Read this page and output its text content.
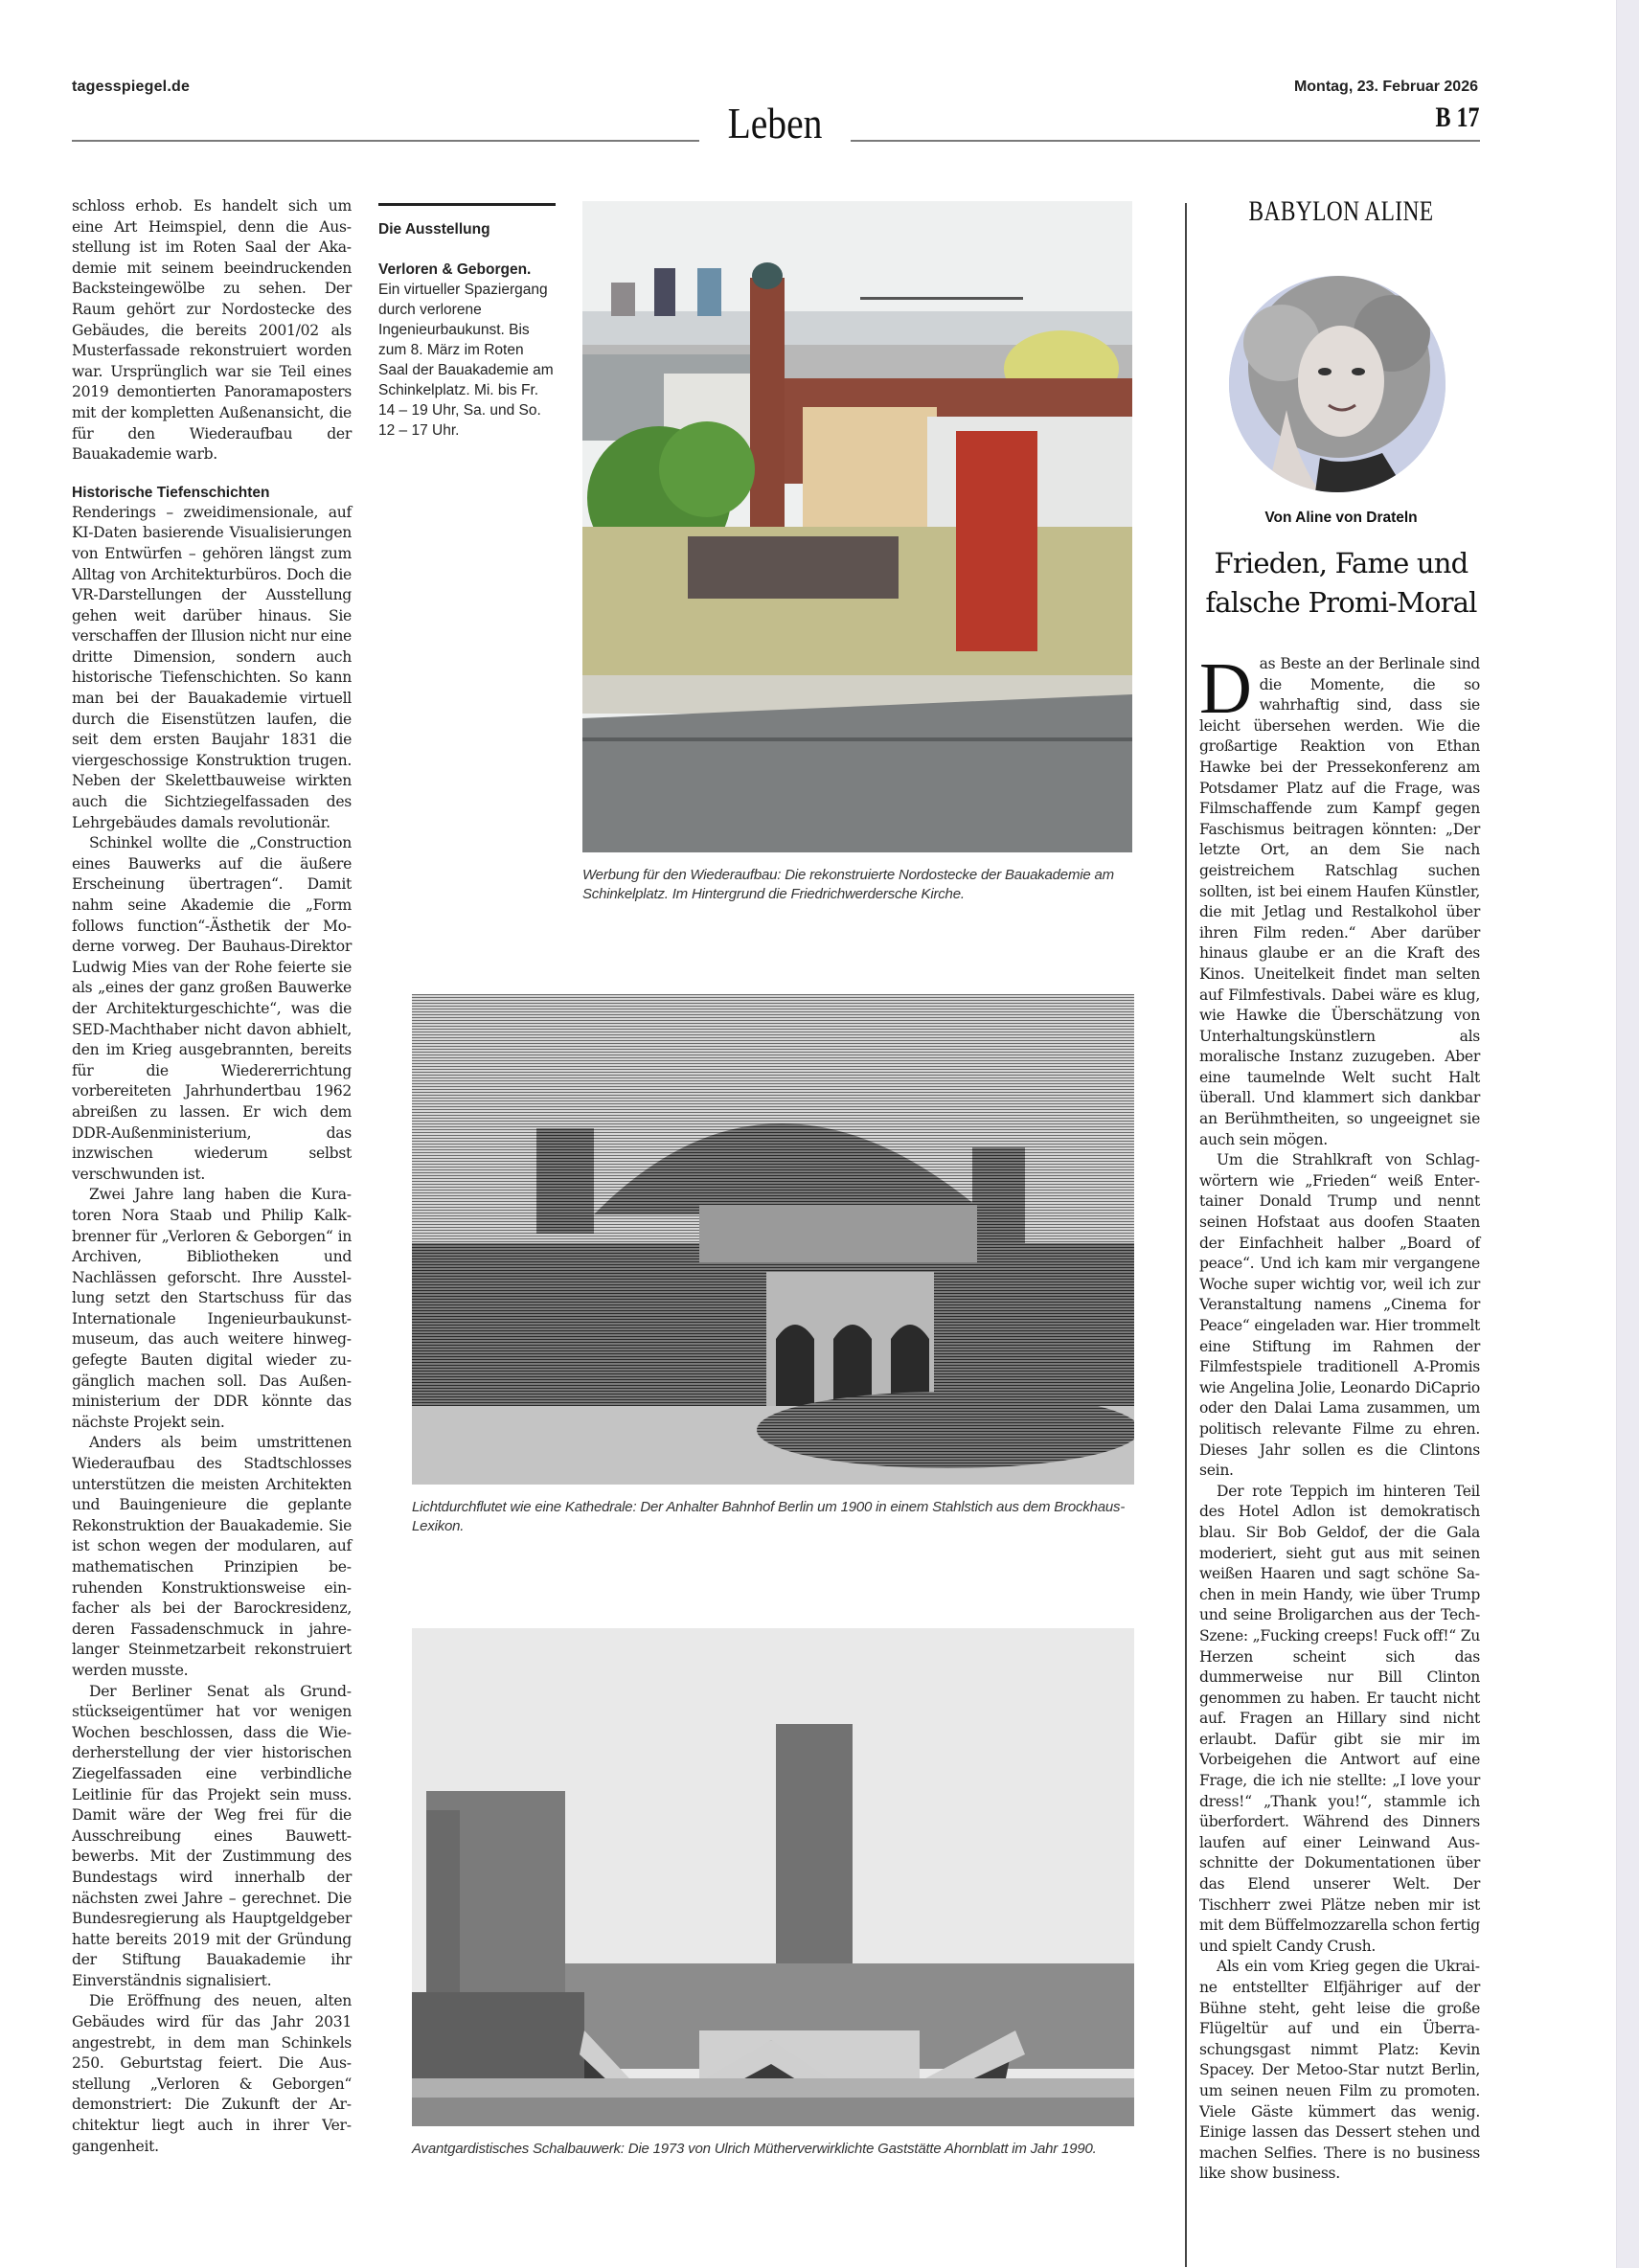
tagesspiegel.de	Montag, 23. Februar 2026
Leben	B 17

schloss erhob. Es handelt sich um eine Art Heimspiel, denn die Ausstellung ist im Roten Saal der Akademie mit seinem beeindruckenden Backsteingewölbe zu sehen. Der Raum gehört zur Nordostecke des Gebäudes, die bereits 2001/02 als Musterfassade rekonstruiert worden war. Ursprünglich war sie Teil eines 2019 demontierten Panoramaposters mit der kompletten Außenansicht, die für den Wiederaufbau der Bauakademie warb.

Historische Tiefenschichten

Renderings – zweidimensionale, auf KI-Daten basierende Visualisierungen von Entwürfen – gehören längst zum Alltag von Architekturbüros. Doch die VR-Darstellungen der Ausstellung gehen weit darüber hinaus. Sie verschaffen der Illusion nicht nur eine dritte Dimension, sondern auch historische Tiefenschichten. So kann man bei der Bauakademie virtuell durch die Eisenstützen laufen, die seit dem ersten Baujahr 1831 die viergeschossige Konstruktion trugen. Neben der Skelettbauweise wirkten auch die Sichtziegelfassaden des Lehrgebäudes damals revolutionär.

Schinkel wollte die „Construction eines Bauwerks auf die äußere Erscheinung übertragen“. Damit nahm seine Akademie die „Form follows function“-Ästhetik der Moderne vorweg. Der Bauhaus-Direktor Ludwig Mies van der Rohe feierte sie als „eines der ganz großen Bauwerke der Architekturgeschichte“, was die SED-Machthaber nicht davon abhielt, den im Krieg ausgebrannten, bereits für die Wiedererrichtung vorbereiteten Jahrhundertbau 1962 abreißen zu lassen. Er wich dem DDR-Außenministerium, das inzwischen wiederum selbst verschwunden ist.

Zwei Jahre lang haben die Kuratoren Nora Staab und Philip Kalkbrenner für „Verloren & Geborgen“ in Archiven, Bibliotheken und Nachlässen geforscht. Ihre Ausstellung setzt den Startschuss für das Internationale Ingenieurbaukunstmuseum, das auch weitere hinweggefegte Bauten digital wieder zugänglich machen soll. Das Außenministerium der DDR könnte das nächste Projekt sein.

Anders als beim umstrittenen Wiederaufbau des Stadtschlosses unterstützen die meisten Architekten und Bauingenieure die geplante Rekonstruktion der Bauakademie. Sie ist schon wegen der modularen, auf mathematischen Prinzipien beruhenden Konstruktionsweise einfacher als bei der Barockresidenz, deren Fassadenschmuck in jahrelanger Steinmetzarbeit rekonstruiert werden musste.

Der Berliner Senat als Grundstückseigentümer hat vor wenigen Wochen beschlossen, dass die Wiederherstellung der vier historischen Ziegelfassaden eine verbindliche Leitlinie für das Projekt sein muss. Damit wäre der Weg frei für die Ausschreibung eines Bauwettbewerbs. Mit der Zustimmung des Bundestags wird innerhalb der nächsten zwei Jahre – gerechnet. Die Bundesregierung als Hauptgeldgeber hatte bereits 2019 mit der Gründung der Stiftung Bauakademie ihr Einverständnis signalisiert.

Die Eröffnung des neuen, alten Gebäudes wird für das Jahr 2031 angestrebt, in dem man Schinkels 250. Geburtstag feiert. Die Ausstellung „Verloren & Geborgen“ demonstriert: Die Zukunft der Architektur liegt auch in ihrer Vergangenheit.

Die Ausstellung
Verloren & Geborgen. Ein virtueller Spaziergang durch verlorene Ingenieurbaukunst. Bis zum 8. März im Roten Saal der Bauakademie am Schinkelplatz. Mi. bis Fr. 14 – 19 Uhr, Sa. und So. 12 – 17 Uhr.
Werbung für den Wiederaufbau: Die rekonstruierte Nordostecke der Bauakademie am Schinkelplatz. Im Hintergrund die Friedrichwerdersche Kirche.
Lichtdurchflutet wie eine Kathedrale: Der Anhalter Bahnhof Berlin um 1900 in einem Stahlstich aus dem Brockhaus-Lexikon.
Avantgardistisches Schalbauwerk: Die 1973 von Ulrich Mütherverwirklichte Gaststätte Ahornblatt im Jahr 1990.
BABYLON ALINE
Von Aline von Drateln
Frieden, Fame und falsche Promi-Moral

Das Beste an der Berlinale sind die Momente, die so wahrhaftig sind, dass sie leicht übersehen werden. Wie die großartige Reaktion von Ethan Hawke bei der Pressekonferenz am Potsdamer Platz auf die Frage, was Filmschaffende zum Kampf gegen Faschismus beitragen könnten: „Der letzte Ort, an dem Sie nach geistreichem Ratschlag suchen sollten, ist bei einem Haufen Künstler, die mit Jetlag und Restalkohol über ihren Film reden.“ Aber darüber hinaus glaube er an die Kraft des Kinos. Uneitelkeit findet man selten auf Filmfestivals. Dabei wäre es klug, wie Hawke die Überschätzung von Unterhaltungskünstlern als moralische Instanz zuzugeben. Aber eine taumelnde Welt sucht Halt überall. Und klammert sich dankbar an Berühmtheiten, so ungeeignet sie auch sein mögen.

Um die Strahlkraft von Schlagwörtern wie „Frieden“ weiß Entertainer Donald Trump und nennt seinen Hofstaat aus doofen Staaten der Einfachheit halber „Board of peace“. Und ich kam mir vergangene Woche super wichtig vor, weil ich zur Veranstaltung namens „Cinema for Peace“ eingeladen war. Hier trommelt eine Stiftung im Rahmen der Filmfestspiele traditionell A-Promis wie Angelina Jolie, Leonardo DiCaprio oder den Dalai Lama zusammen, um politisch relevante Filme zu ehren. Dieses Jahr sollen es die Clintons sein.

Der rote Teppich im hinteren Teil des Hotel Adlon ist demokratisch blau. Sir Bob Geldof, der die Gala moderiert, sieht gut aus mit seinen weißen Haaren und sagt schöne Sachen in mein Handy, wie über Trump und seine Broligarchen aus der Tech-Szene: „Fucking creeps! Fuck off!“ Zu Herzen scheint sich das dummerweise nur Bill Clinton genommen zu haben. Er taucht nicht auf. Fragen an Hillary sind nicht erlaubt. Dafür gibt sie mir im Vorbeigehen die Antwort auf eine Frage, die ich nie stellte: „I love your dress!“ „Thank you!“, stammle ich überfordert. Während des Dinners laufen auf einer Leinwand Ausschnitte der Dokumentationen über das Elend unserer Welt. Der Tischherr zwei Plätze neben mir ist mit dem Büffelmozzarella schon fertig und spielt Candy Crush.

Als ein vom Krieg gegen die Ukraine entstellter Elfjähriger auf der Bühne steht, geht leise die große Flügeltür auf und ein Überraschungsgast nimmt Platz: Kevin Spacey. Der Metoo-Star nutzt Berlin, um seinen neuen Film zu promoten. Viele Gäste kümmert das wenig. Einige lassen das Dessert stehen und machen Selfies. There is no business like show business.
